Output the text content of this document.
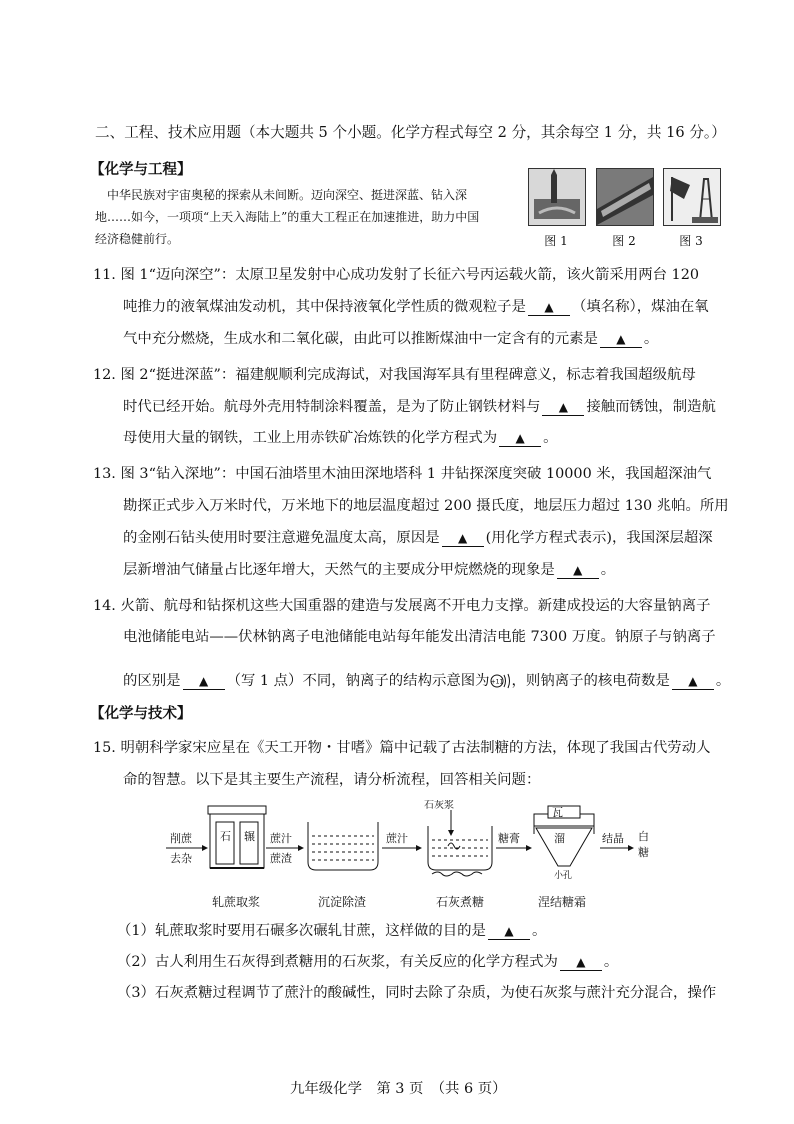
二、工程、技术应用题（本大题共 5 个小题。化学方程式每空 2 分，其余每空 1 分，共 16 分。）
【化学与工程】
中华民族对宇宙奥秘的探索从未间断。迈向深空、挺进深蓝、钻入深
地……如今，一项项“上天入海陆上”的重大工程正在加速推进，助力中国
经济稳健前行。	图 1	图 2	图 3
11. 图 1“迈向深空”：太原卫星发射中心成功发射了长征六号丙运载火箭，该火箭采用两台 120
吨推力的液氧煤油发动机，其中保持液氧化学性质的微观粒子是 ▲ （填名称），煤油在氧
气中充分燃烧，生成水和二氧化碳，由此可以推断煤油中一定含有的元素是 ▲ 。
12. 图 2“挺进深蓝”：福建舰顺利完成海试，对我国海军具有里程碑意义，标志着我国超级航母
时代已经开始。航母外壳用特制涂料覆盖，是为了防止钢铁材料与 ▲ 接触而锈蚀，制造航
母使用大量的钢铁，工业上用赤铁矿冶炼铁的化学方程式为 ▲ 。
13. 图 3“钻入深地”：中国石油塔里木油田深地塔科 1 井钻探深度突破 10000 米，我国超深油气
勘探正式步入万米时代，万米地下的地层温度超过 200 摄氏度，地层压力超过 130 兆帕。所用
的金刚石钻头使用时要注意避免温度太高，原因是 ▲ (用化学方程式表示)，我国深层超深
层新增油气储量占比逐年增大，天然气的主要成分甲烷燃烧的现象是 ▲ 。
14. 火箭、航母和钻探机这些大国重器的建造与发展离不开电力支撑。新建成投运的大容量钠离子
电池储能电站——伏林钠离子电池储能电站每年能发出清洁电能 7300 万度。钠原子与钠离子
的区别是 ▲ （写 1 点）不同，钠离子的结构示意图为 +11 ，则钠离子的核电荷数是 ▲ 。
【化学与技术】
15. 明朝科学家宋应星在《天工开物・甘嗜》篇中记载了古法制糖的方法，体现了我国古代劳动人
命的智慧。以下是其主要生产流程，请分析流程，回答相关问题：
削蔗
去杂
石 辗 蔗汁
蔗渣
蔗汁
石灰浆
糖膏
瓦
溜
小孔
结晶 白
糖
轧蔗取浆	沉淀除渣	石灰煮糖	涅结糖霜
（1）轧蔗取浆时要用石碾多次碾轧甘蔗，这样做的目的是 ▲ 。
（2）古人利用生石灰得到煮糖用的石灰浆，有关反应的化学方程式为 ▲ 。
（3）石灰煮糖过程调节了蔗汁的酸碱性，同时去除了杂质，为使石灰浆与蔗汁充分混合，操作
九年级化学　第 3 页　（共 6 页）
